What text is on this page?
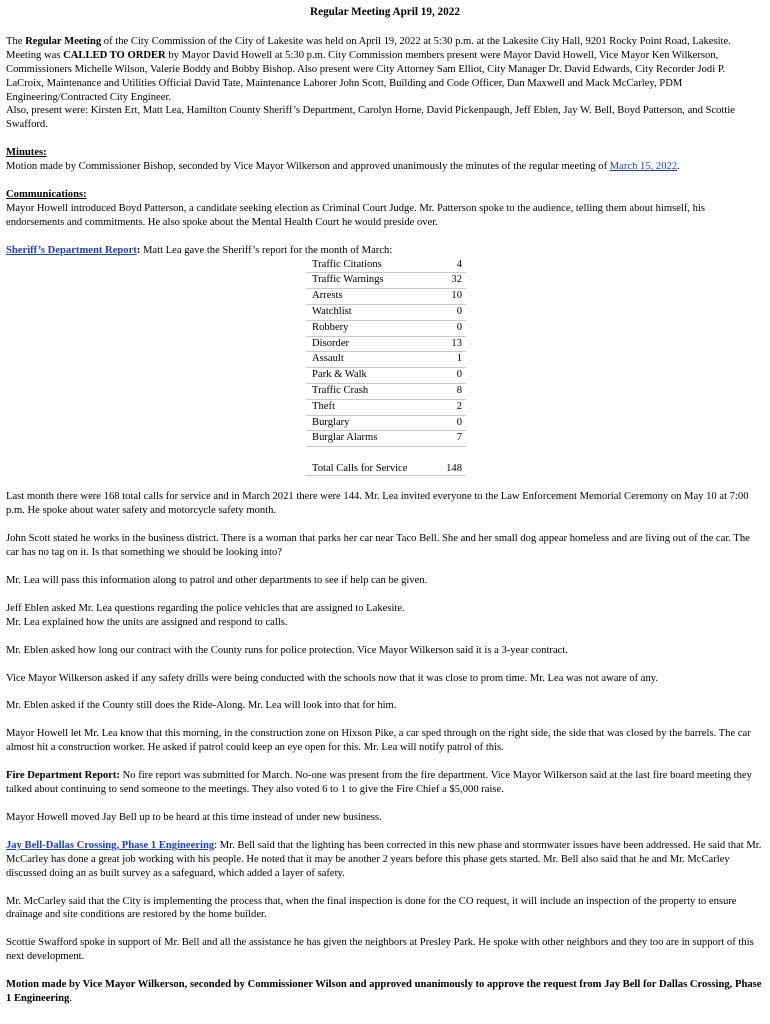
Regular Meeting April 19, 2022

The Regular Meeting of the City Commission of the City of Lakesite was held on April 19, 2022 at 5:30 p.m. at the Lakesite City Hall, 9201 Rocky Point Road, Lakesite.

Meeting was CALLED TO ORDER by Mayor David Howell at 5:30 p.m. City Commission members present were Mayor David Howell, Vice Mayor Ken Wilkerson, Commissioners Michelle Wilson, Valerie Boddy and Bobby Bishop. Also present were City Attorney Sam Elliot, City Manager Dr. David Edwards, City Recorder Jodi P. LaCroix, Maintenance and Utilities Official David Tate, Maintenance Laborer John Scott, Building and Code Officer, Dan Maxwell and Mack McCarley, PDM Engineering/Contracted City Engineer.

Also, present were: Kirsten Ert, Matt Lea, Hamilton County Sheriff’s Department, Carolyn Horne, David Pickenpaugh, Jeff Eblen, Jay W. Bell, Boyd Patterson, and Scottie Swafford.

Minutes:

Motion made by Commissioner Bishop, seconded by Vice Mayor Wilkerson and approved unanimously the minutes of the regular meeting of March 15, 2022.

Communications:

Mayor Howell introduced Boyd Patterson, a candidate seeking election as Criminal Court Judge. Mr. Patterson spoke to the audience, telling them about himself, his endorsements and commitments. He also spoke about the Mental Health Court he would preside over.

Sheriff’s Department Report: Matt Lea gave the Sheriff’s report for the month of March:

Traffic Citations	4
Traffic Warnings	32
Arrests	10
Watchlist	0
Robbery	0
Disorder	13
Assault	1
Park & Walk	0
Traffic Crash	8
Theft	2
Burglary	0
Burglar Alarms	7
Total Calls for Service	148

Last month there were 168 total calls for service and in March 2021 there were 144. Mr. Lea invited everyone to the Law Enforcement Memorial Ceremony on May 10 at 7:00 p.m. He spoke about water safety and motorcycle safety month.

John Scott stated he works in the business district. There is a woman that parks her car near Taco Bell. She and her small dog appear homeless and are living out of the car. The car has no tag on it. Is that something we should be looking into?

Mr. Lea will pass this information along to patrol and other departments to see if help can be given.

Jeff Eblen asked Mr. Lea questions regarding the police vehicles that are assigned to Lakesite.

Mr. Lea explained how the units are assigned and respond to calls.

Mr. Eblen asked how long our contract with the County runs for police protection. Vice Mayor Wilkerson said it is a 3-year contract.

Vice Mayor Wilkerson asked if any safety drills were being conducted with the schools now that it was close to prom time. Mr. Lea was not aware of any.

Mr. Eblen asked if the County still does the Ride-Along. Mr. Lea will look into that for him.

Mayor Howell let Mr. Lea know that this morning, in the construction zone on Hixson Pike, a car sped through on the right side, the side that was closed by the barrels. The car almost hit a construction worker. He asked if patrol could keep an eye open for this. Mr. Lea will notify patrol of this.

Fire Department Report: No fire report was submitted for March. No-one was present from the fire department. Vice Mayor Wilkerson said at the last fire board meeting they talked about continuing to send someone to the meetings. They also voted 6 to 1 to give the Fire Chief a $5,000 raise.

Mayor Howell moved Jay Bell up to be heard at this time instead of under new business.

Jay Bell-Dallas Crossing, Phase 1 Engineering: Mr. Bell said that the lighting has been corrected in this new phase and stormwater issues have been addressed. He said that Mr. McCarley has done a great job working with his people. He noted that it may be another 2 years before this phase gets started. Mr. Bell also said that he and Mr. McCarley discussed doing an as built survey as a safeguard, which added a layer of safety.

Mr. McCarley said that the City is implementing the process that, when the final inspection is done for the CO request, it will include an inspection of the property to ensure drainage and site conditions are restored by the home builder.

Scottie Swafford spoke in support of Mr. Bell and all the assistance he has given the neighbors at Presley Park. He spoke with other neighbors and they too are in support of this next development.

Motion made by Vice Mayor Wilkerson, seconded by Commissioner Wilson and approved unanimously to approve the request from Jay Bell for Dallas Crossing, Phase 1 Engineering.
